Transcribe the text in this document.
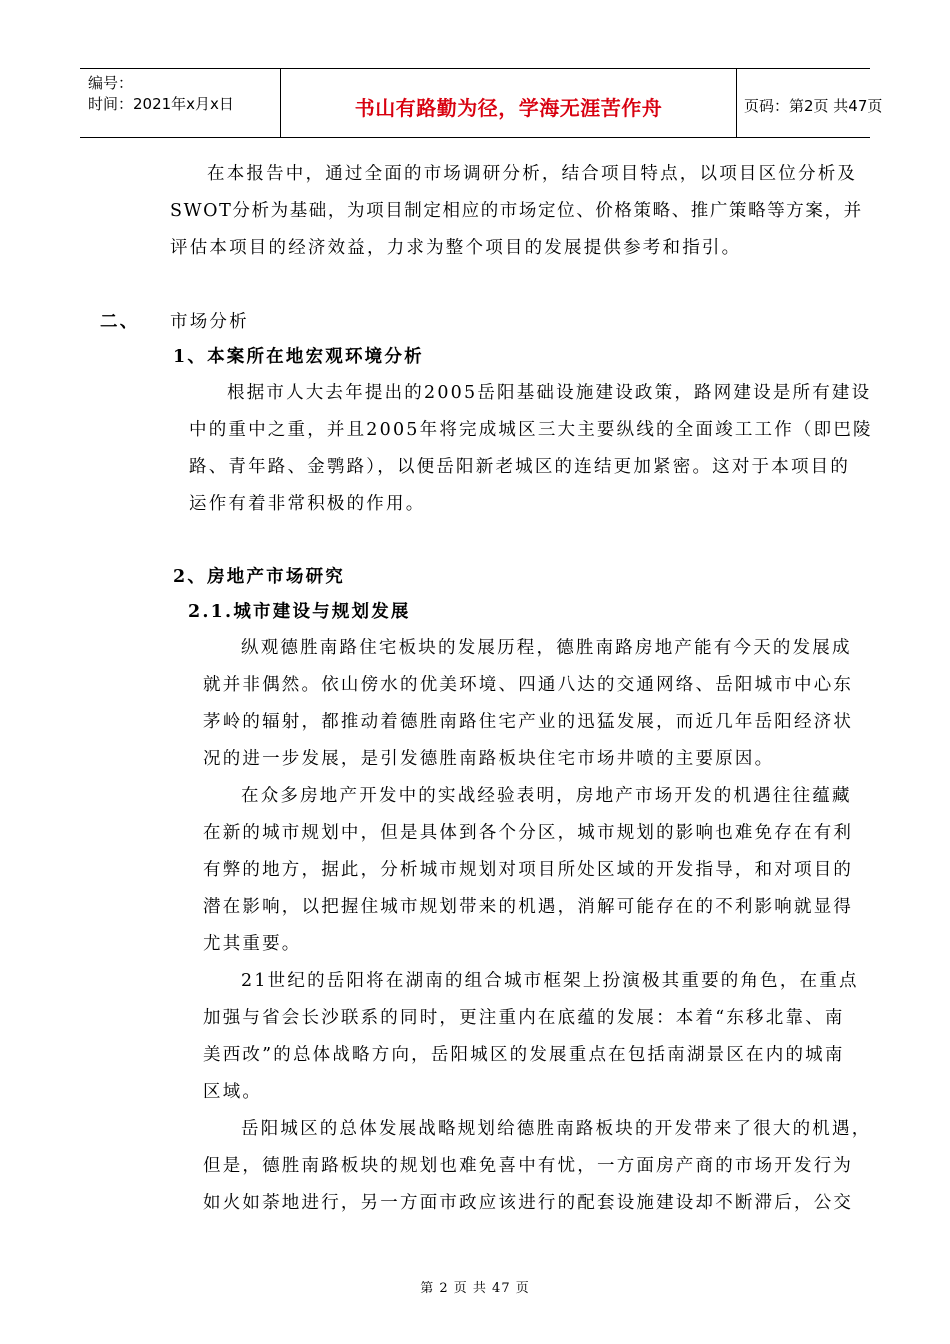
编号：
时间：2021年x月x日	书山有路勤为径，学海无涯苦作舟	页码：第2页 共47页
在本报告中，通过全面的市场调研分析，结合项目特点，以项目区位分析及
SWOT分析为基础，为项目制定相应的市场定位、价格策略、推广策略等方案，并
评估本项目的经济效益，力求为整个项目的发展提供参考和指引。
二、 市场分析
1、本案所在地宏观环境分析
根据市人大去年提出的2005岳阳基础设施建设政策，路网建设是所有建设
中的重中之重，并且2005年将完成城区三大主要纵线的全面竣工工作（即巴陵
路、青年路、金鹗路），以便岳阳新老城区的连结更加紧密。这对于本项目的
运作有着非常积极的作用。
2、房地产市场研究
2.1.城市建设与规划发展
纵观德胜南路住宅板块的发展历程，德胜南路房地产能有今天的发展成
就并非偶然。依山傍水的优美环境、四通八达的交通网络、岳阳城市中心东
茅岭的辐射，都推动着德胜南路住宅产业的迅猛发展，而近几年岳阳经济状
况的进一步发展，是引发德胜南路板块住宅市场井喷的主要原因。
在众多房地产开发中的实战经验表明，房地产市场开发的机遇往往蕴藏
在新的城市规划中，但是具体到各个分区，城市规划的影响也难免存在有利
有弊的地方，据此，分析城市规划对项目所处区域的开发指导，和对项目的
潜在影响，以把握住城市规划带来的机遇，消解可能存在的不利影响就显得
尤其重要。
21世纪的岳阳将在湖南的组合城市框架上扮演极其重要的角色，在重点
加强与省会长沙联系的同时，更注重内在底蕴的发展：本着“东移北靠、南
美西改”的总体战略方向，岳阳城区的发展重点在包括南湖景区在内的城南
区域。
岳阳城区的总体发展战略规划给德胜南路板块的开发带来了很大的机遇，
但是，德胜南路板块的规划也难免喜中有忧，一方面房产商的市场开发行为
如火如荼地进行，另一方面市政应该进行的配套设施建设却不断滞后，公交
第 2 页 共 47 页
